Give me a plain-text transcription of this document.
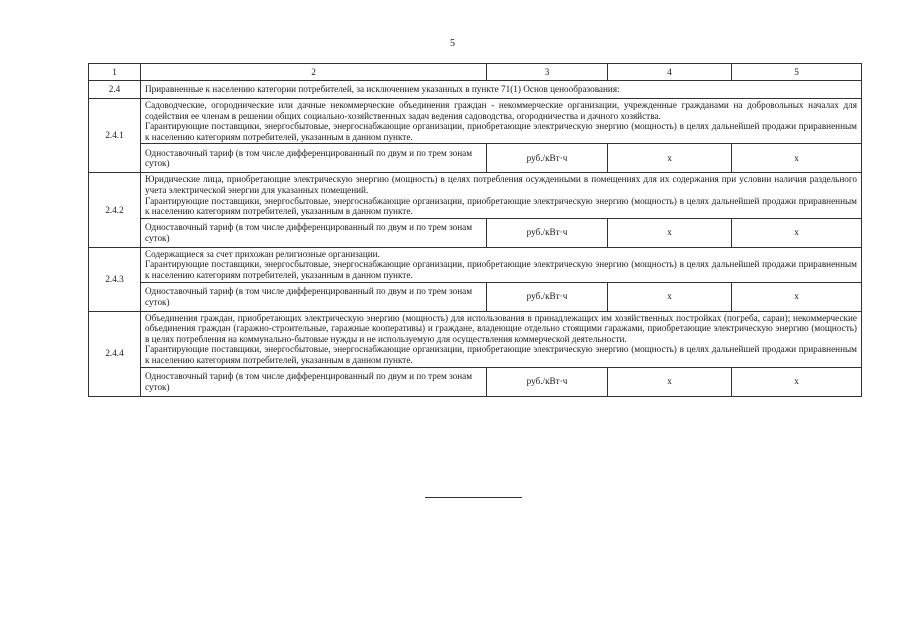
5
1	2	3	4	5
2.4	Приравненные к населению категории потребителей, за исключением указанных в пункте 71(1) Основ ценообразования:			
2.4.1	Садоводческие, огороднические или дачные некоммерческие объединения граждан - некоммерческие организации, учрежденные гражданами на добровольных началах для содействия ее членам в решении общих социально-хозяйственных задач ведения садоводства, огородничества и дачного хозяйства.

Гарантирующие поставщики, энергосбытовые, энергоснабжающие организации, приобретающие электрическую энергию (мощность) в целях дальнейшей продажи приравненным к населению категориям потребителей, указанным в данном пункте.			

	Одноставочный тариф (в том числе дифференцированный по двум и по трем зонам суток)	руб./кВт·ч	х	х
2.4.2	Юридические лица, приобретающие электрическую энергию (мощность) в целях потребления осужденными в помещениях для их содержания при условии наличия раздельного учета электрической энергии для указанных помещений.

Гарантирующие поставщики, энергосбытовые, энергоснабжающие организации, приобретающие электрическую энергию (мощность) в целях дальнейшей продажи приравненным к населению категориям потребителей, указанным в данном пункте.			

	Одноставочный тариф (в том числе дифференцированный по двум и по трем зонам суток)	руб./кВт·ч	х	х
2.4.3	Содержащиеся за счет прихожан религиозные организации.

Гарантирующие поставщики, энергосбытовые, энергоснабжающие организации, приобретающие электрическую энергию (мощность) в целях дальнейшей продажи приравненным к населению категориям потребителей, указанным в данном пункте.			

	Одноставочный тариф (в том числе дифференцированный по двум и по трем зонам суток)	руб./кВт·ч	х	х
2.4.4	Объединения граждан, приобретающих электрическую энергию (мощность) для использования в принадлежащих им хозяйственных постройках (погреба, сараи); некоммерческие объединения граждан (гаражно-строительные, гаражные кооперативы) и граждане, владеющие отдельно стоящими гаражами, приобретающие электрическую энергию (мощность) в целях потребления на коммунально-бытовые нужды и не используемую для осуществления коммерческой деятельности.

Гарантирующие поставщики, энергосбытовые, энергоснабжающие организации, приобретающие электрическую энергию (мощность) в целях дальнейшей продажи приравненным к населению категориям потребителей, указанным в данном пункте.			

	Одноставочный тариф (в том числе дифференцированный по двум и по трем зонам суток)	руб./кВт·ч	х	х
